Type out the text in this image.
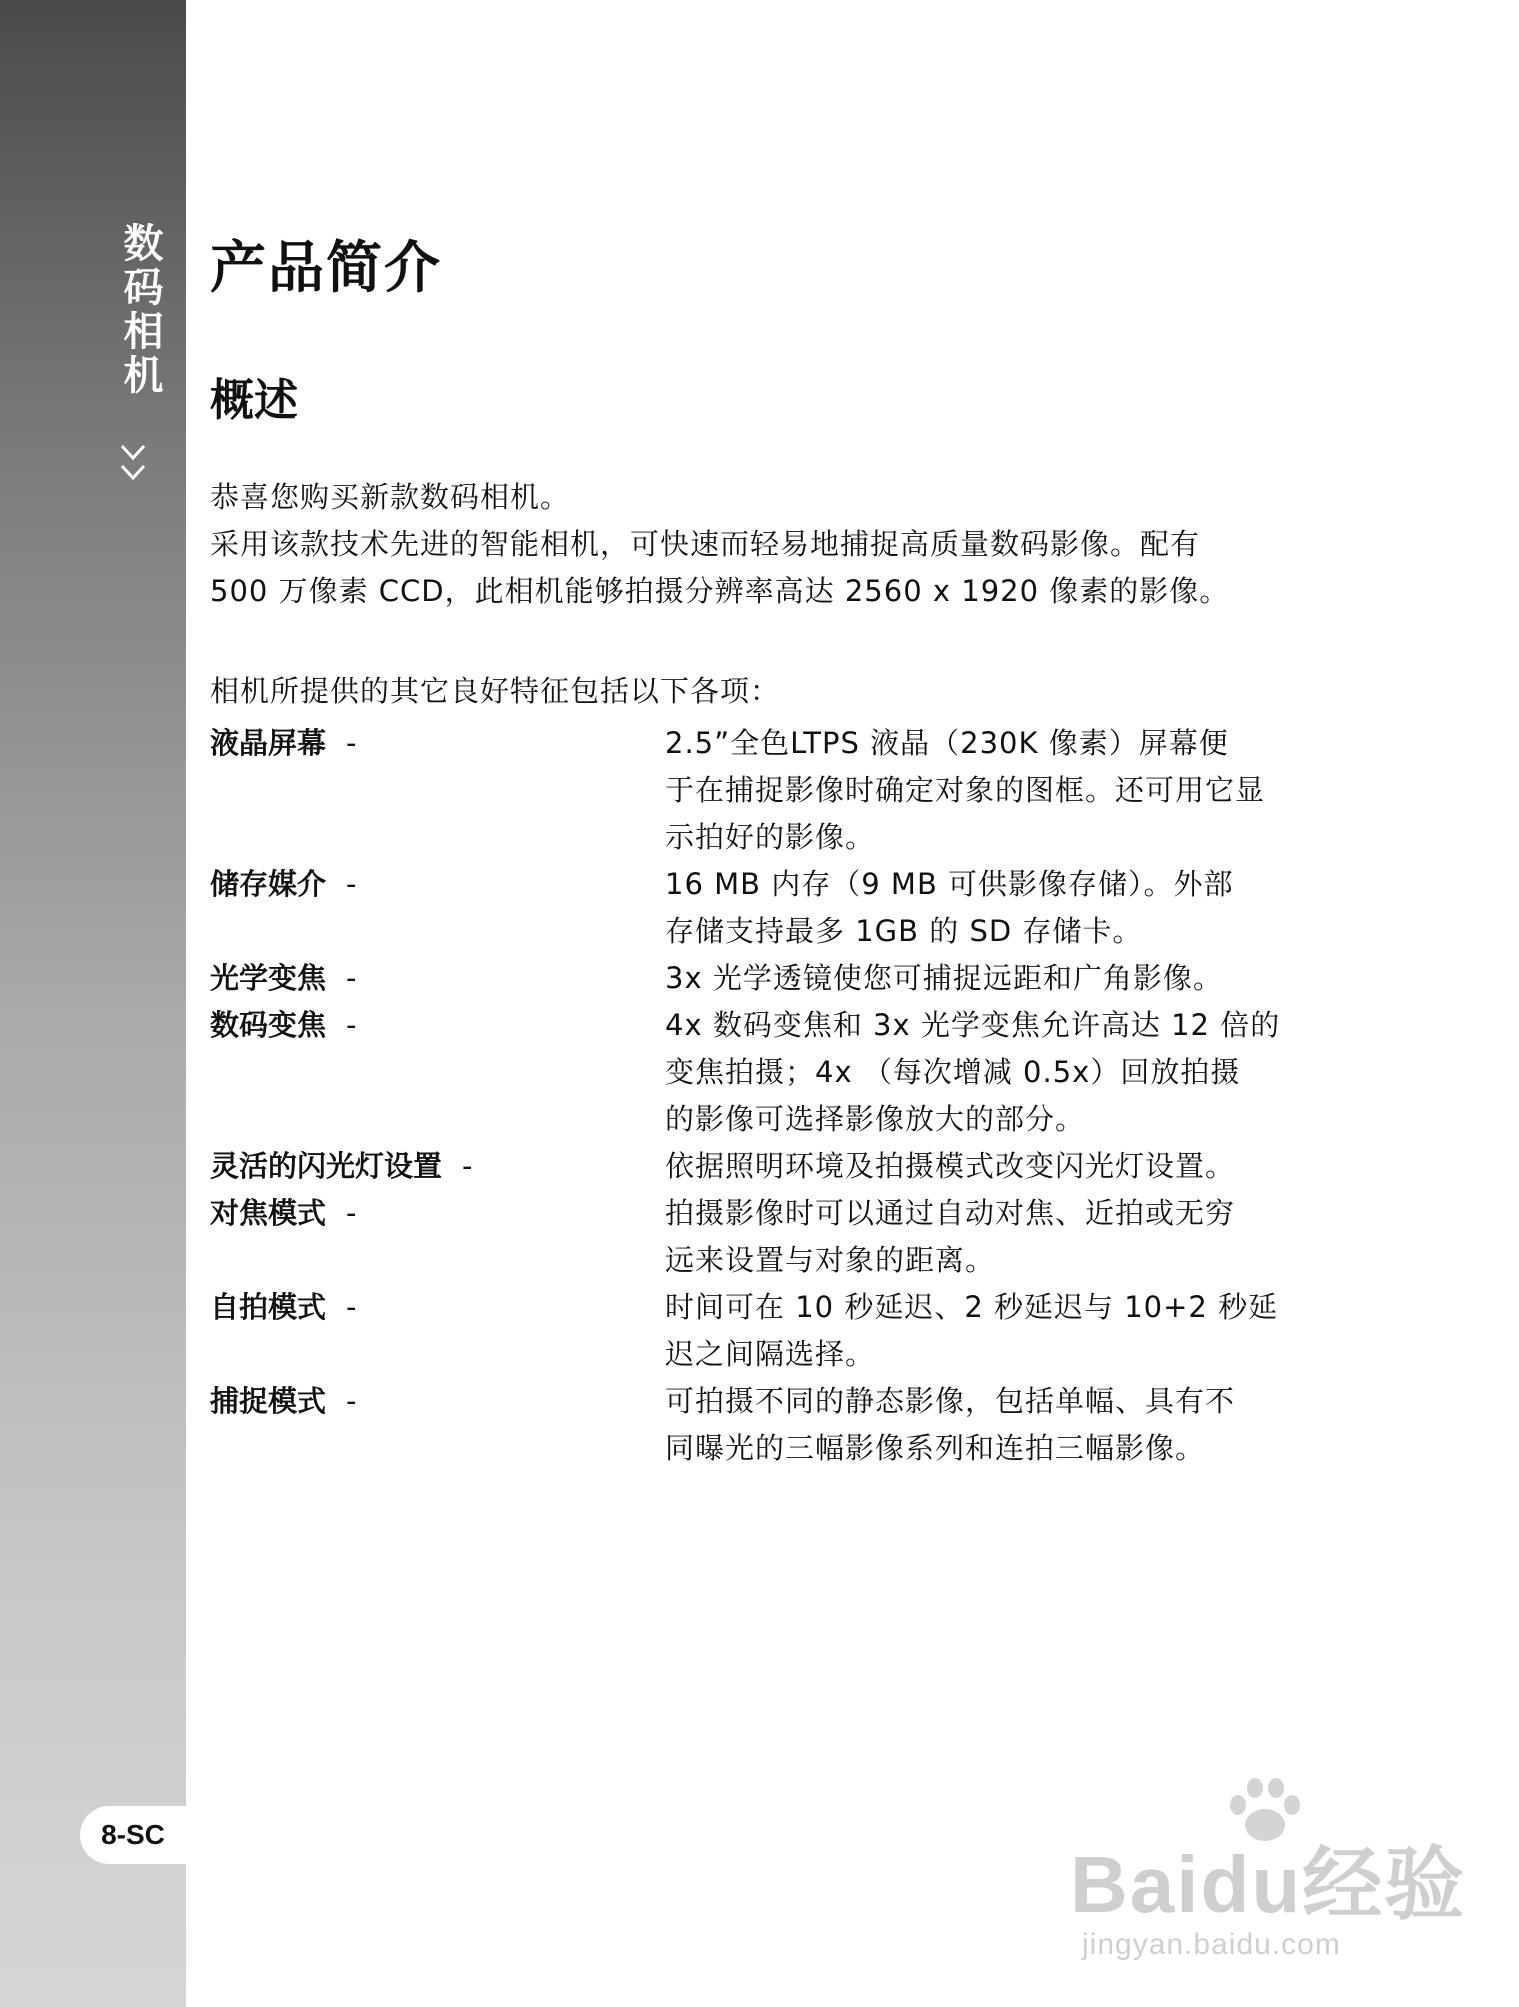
数码相机
8-SC
产品简介
概述

恭喜您购买新款数码相机。

采用该款技术先进的智能相机，可快速而轻易地捕捉高质量数码影像。配有

500 万像素 CCD，此相机能够拍摄分辨率高达 2560 x 1920 像素的影像。

相机所提供的其它良好特征包括以下各项：

液晶屏幕 -	2.5”全色LTPS 液晶（230K 像素）屏幕便
于在捕捉影像时确定对象的图框。还可用它显
示拍好的影像。
储存媒介 -	16 MB 内存（9 MB 可供影像存储）。外部
存储支持最多 1GB 的 SD 存储卡。
光学变焦 -	3x 光学透镜使您可捕捉远距和广角影像。
数码变焦 -	4x 数码变焦和 3x 光学变焦允许高达 12 倍的
变焦拍摄；4x （每次增减 0.5x）回放拍摄
的影像可选择影像放大的部分。
灵活的闪光灯设置 -	依据照明环境及拍摄模式改变闪光灯设置。
对焦模式 -	拍摄影像时可以通过自动对焦、近拍或无穷
远来设置与对象的距离。
自拍模式 -	时间可在 10 秒延迟、2 秒延迟与 10+2 秒延
迟之间隔选择。
捕捉模式 -	可拍摄不同的静态影像，包括单幅、具有不
同曝光的三幅影像系列和连拍三幅影像。
Baidu经验
jingyan.baidu.com
